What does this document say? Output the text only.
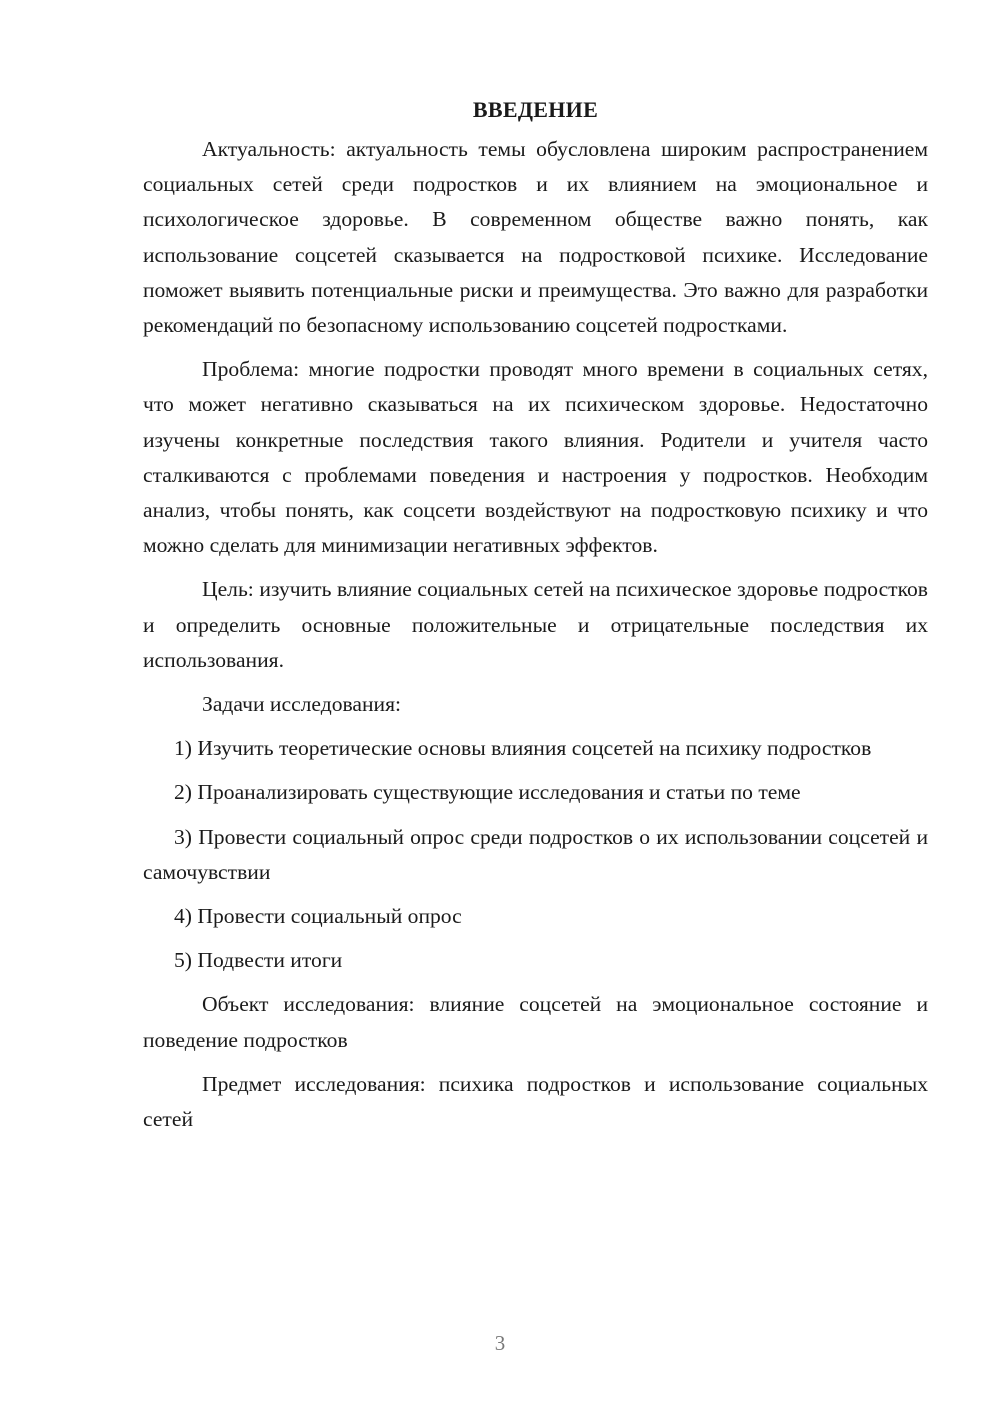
ВВЕДЕНИЕ

Актуальность: актуальность темы обусловлена широким распространением социальных сетей среди подростков и их влиянием на эмоциональное и психологическое здоровье. В современном обществе важно понять, как использование соцсетей сказывается на подростковой психике. Исследование поможет выявить потенциальные риски и преимущества. Это важно для разработки рекомендаций по безопасному использованию соцсетей подростками.

Проблема: многие подростки проводят много времени в социальных сетях, что может негативно сказываться на их психическом здоровье. Недостаточно изучены конкретные последствия такого влияния. Родители и учителя часто сталкиваются с проблемами поведения и настроения у подростков. Необходим анализ, чтобы понять, как соцсети воздействуют на подростковую психику и что можно сделать для минимизации негативных эффектов.

Цель: изучить влияние социальных сетей на психическое здоровье подростков и определить основные положительные и отрицательные последствия их использования.

Задачи исследования:

1) Изучить теоретические основы влияния соцсетей на психику подростков

2) Проанализировать существующие исследования и статьи по теме

3) Провести социальный опрос среди подростков о их использовании соцсетей и самочувствии

4) Провести социальный опрос

5) Подвести итоги

Объект исследования: влияние соцсетей на эмоциональное состояние и поведение подростков

Предмет исследования: психика подростков и использование социальных сетей

3
